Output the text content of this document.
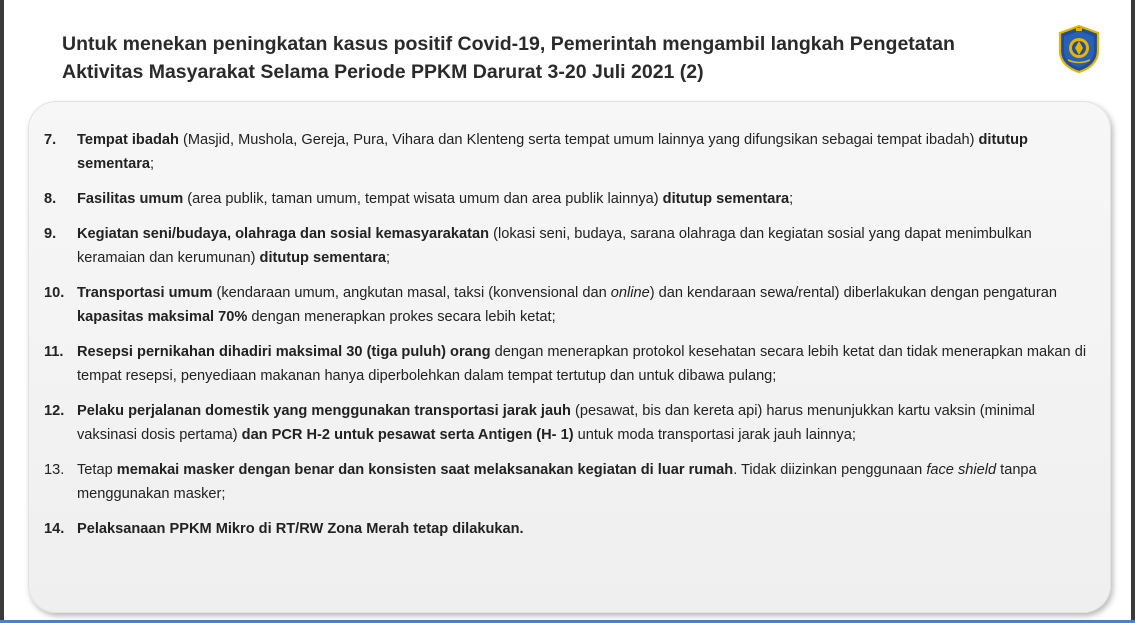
Untuk menekan peningkatan kasus positif Covid-19, Pemerintah mengambil langkah Pengetatan
Aktivitas Masyarakat Selama Periode PPKM Darurat 3-20 Juli 2021 (2)
7. Tempat ibadah (Masjid, Mushola, Gereja, Pura, Vihara dan Klenteng serta tempat umum lainnya yang difungsikan sebagai tempat ibadah) ditutup sementara;
8. Fasilitas umum (area publik, taman umum, tempat wisata umum dan area publik lainnya) ditutup sementara;
9. Kegiatan seni/budaya, olahraga dan sosial kemasyarakatan (lokasi seni, budaya, sarana olahraga dan kegiatan sosial yang dapat menimbulkan keramaian dan kerumunan) ditutup sementara;
10. Transportasi umum (kendaraan umum, angkutan masal, taksi (konvensional dan online) dan kendaraan sewa/rental) diberlakukan dengan pengaturan kapasitas maksimal 70% dengan menerapkan prokes secara lebih ketat;
11. Resepsi pernikahan dihadiri maksimal 30 (tiga puluh) orang dengan menerapkan protokol kesehatan secara lebih ketat dan tidak menerapkan makan di tempat resepsi, penyediaan makanan hanya diperbolehkan dalam tempat tertutup dan untuk dibawa pulang;
12. Pelaku perjalanan domestik yang menggunakan transportasi jarak jauh (pesawat, bis dan kereta api) harus menunjukkan kartu vaksin (minimal vaksinasi dosis pertama) dan PCR H-2 untuk pesawat serta Antigen (H- 1) untuk moda transportasi jarak jauh lainnya;
13. Tetap memakai masker dengan benar dan konsisten saat melaksanakan kegiatan di luar rumah. Tidak diizinkan penggunaan face shield tanpa menggunakan masker;
14. Pelaksanaan PPKM Mikro di RT/RW Zona Merah tetap dilakukan.
